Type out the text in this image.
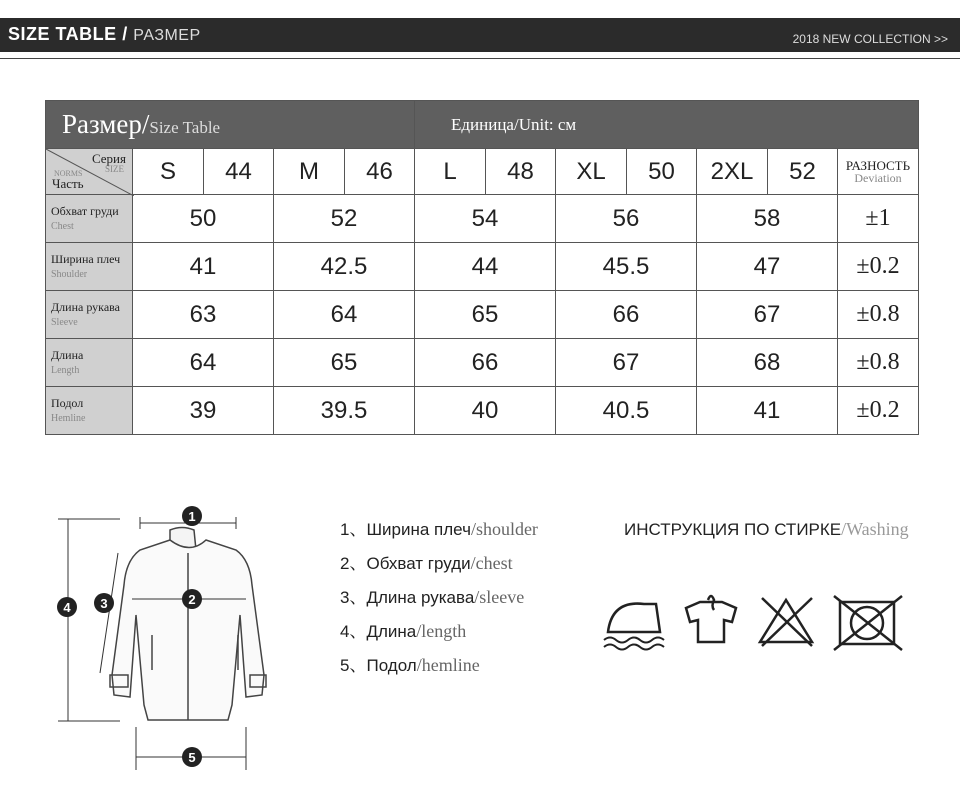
SIZE TABLE / РАЗМЕР	2018 NEW COLLECTION >>
Размер/Size Table					Единица/Unit: см						

Серия
SIZE
NORMS
Часть	S	44	M	46	L	48	XL	50	2XL	52	РАЗНОСТЬ
Deviation

Обхват груди
Chest	50		52		54		56		58		±1

Ширина плеч
Shoulder	41		42.5		44		45.5		47		±0.2

Длина рукава
Sleeve	63		64		65		66		67		±0.8

Длина
Length	64		65		66		67		68		±0.8

Подол
Hemline	39		39.5		40		40.5		41		±0.2
1
2
3
4
5
1、Ширина плеч/shoulder
2、Обхват груди/chest
3、Длина рукава/sleeve
4、Длина/length
5、Подол/hemline
ИНСТРУКЦИЯ ПО СТИРКЕ/Washing
